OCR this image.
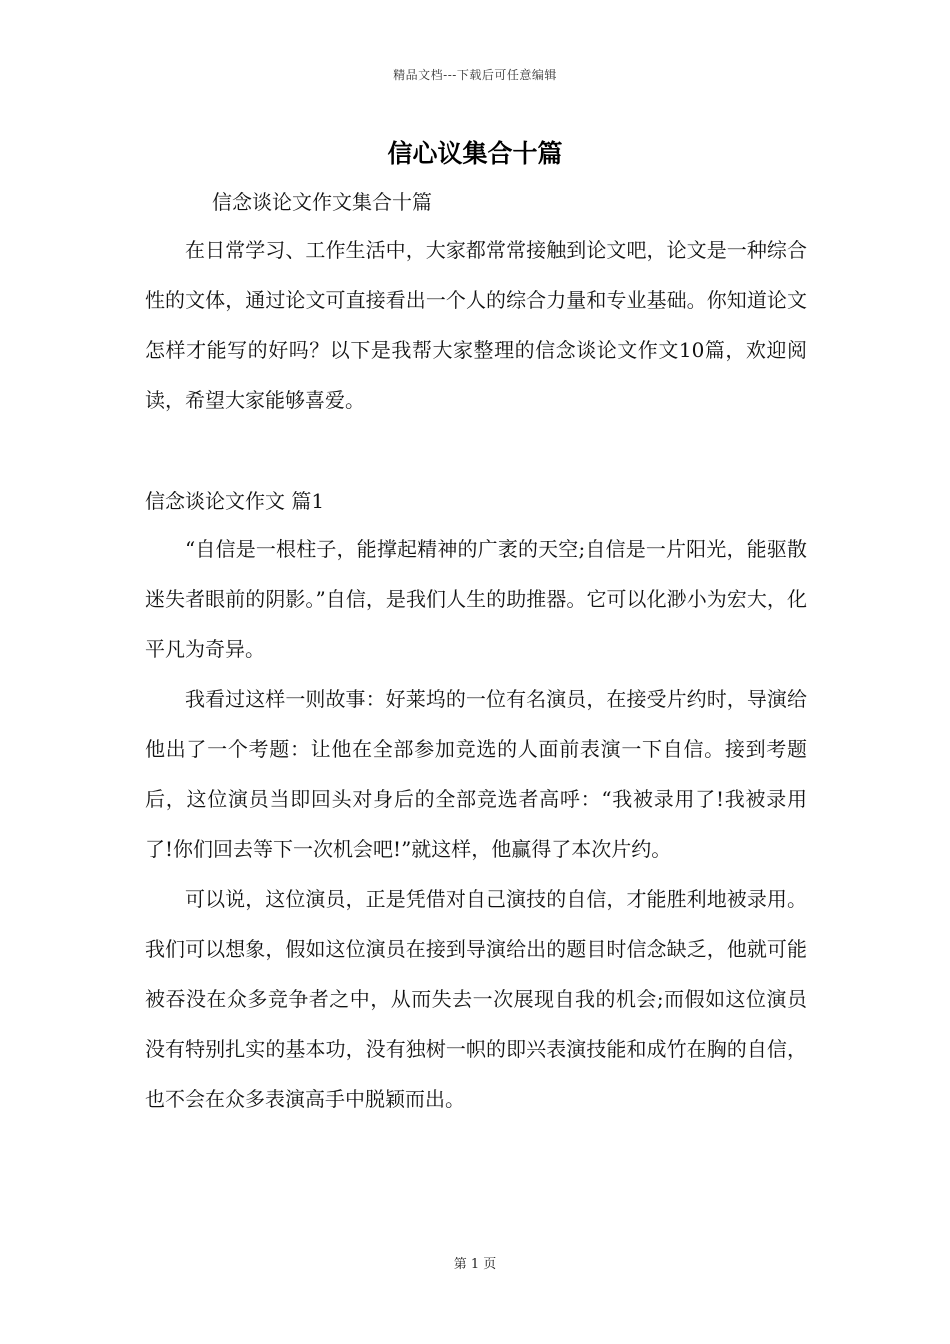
精品文档---下载后可任意编辑
信心议集合十篇
信念谈论文作文集合十篇

在日常学习、工作生活中，大家都常常接触到论文吧，论文是一种综合性的文体，通过论文可直接看出一个人的综合力量和专业基础。你知道论文怎样才能写的好吗？以下是我帮大家整理的信念谈论文作文10篇，欢迎阅读，希望大家能够喜爱。

信念谈论文作文 篇1

“自信是一根柱子，能撑起精神的广袤的天空;自信是一片阳光，能驱散迷失者眼前的阴影。”自信，是我们人生的助推器。它可以化渺小为宏大，化平凡为奇异。

我看过这样一则故事：好莱坞的一位有名演员，在接受片约时，导演给他出了一个考题：让他在全部参加竞选的人面前表演一下自信。接到考题后，这位演员当即回头对身后的全部竞选者高呼：“我被录用了!我被录用了!你们回去等下一次机会吧!”就这样，他赢得了本次片约。

可以说，这位演员，正是凭借对自己演技的自信，才能胜利地被录用。我们可以想象，假如这位演员在接到导演给出的题目时信念缺乏，他就可能被吞没在众多竞争者之中，从而失去一次展现自我的机会;而假如这位演员没有特别扎实的基本功，没有独树一帜的即兴表演技能和成竹在胸的自信，也不会在众多表演高手中脱颖而出。

第 1 页
